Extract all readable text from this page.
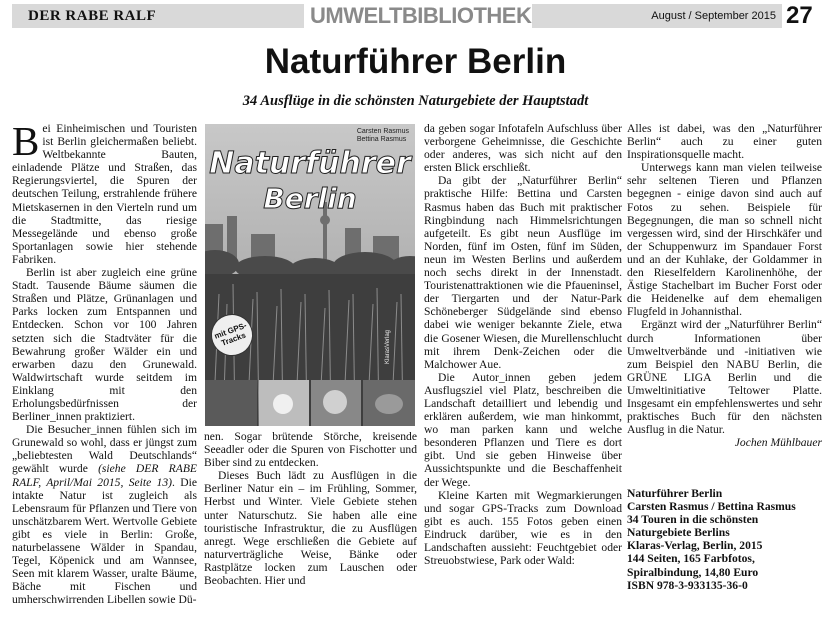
DER RABE RALF	UMWELTBIBLIOTHEK	August / September 2015 27
Naturführer Berlin
34 Ausflüge in die schönsten Naturgebiete der Hauptstadt

Bei Einheimischen und Touristen ist Berlin gleichermaßen beliebt. Weltbekannte Bauten, einladende Plätze und Straßen, das Regierungsviertel, die Spuren der deutschen Teilung, erstrahlende frühere Mietskasernen in den Vierteln rund um die Stadtmitte, das riesige Messegelände und ebenso große Sportanlagen sowie hier stehende Fabriken.

Berlin ist aber zugleich eine grüne Stadt. Tausende Bäume säumen die Straßen und Plätze, Grünanlagen und Parks locken zum Entspannen und Entdecken. Schon vor 100 Jahren setzten sich die Stadtväter für die Bewahrung großer Wälder ein und erwarben dazu den Grunewald. Waldwirtschaft wurde seitdem im Einklang mit den Erholungsbedürfnissen der Berliner_innen praktiziert.

Die Besucher_innen fühlen sich im Grunewald so wohl, dass er jüngst zum „beliebtesten Wald Deutschlands“ gewählt wurde (siehe DER RABE RALF, April/Mai 2015, Seite 13). Die intakte Natur ist zugleich als Lebensraum für Pflanzen und Tiere von unschätzbarem Wert. Wertvolle Gebiete gibt es viele in Berlin: Große, naturbelassene Wälder in Spandau, Tegel, Köpenick und am Wannsee, Seen mit klarem Wasser, uralte Bäume, Bäche mit Fischen und umherschwirrenden Libellen sowie Dü-

Carsten Rasmus
Bettina Rasmus
Naturführer
Berlin
mit GPS-Tracks	KlarasVerlag

nen. Sogar brütende Störche, kreisende Seeadler oder die Spuren von Fischotter und Biber sind zu entdecken.

Dieses Buch lädt zu Ausflügen in die Berliner Natur ein – im Frühling, Sommer, Herbst und Winter. Viele Gebiete stehen unter Naturschutz. Sie haben alle eine touristische Infrastruktur, die zu Ausflügen anregt. Wege erschließen die Gebiete auf naturverträgliche Weise, Bänke oder Rastplätze locken zum Lauschen oder Beobachten. Hier und

da geben sogar Infotafeln Aufschluss über verborgene Geheimnisse, die Geschichte oder anderes, was sich nicht auf den ersten Blick erschließt.

Da gibt der „Naturführer Berlin“ praktische Hilfe: Bettina und Carsten Rasmus haben das Buch mit praktischer Ringbindung nach Himmelsrichtungen aufgeteilt. Es gibt neun Ausflüge im Norden, fünf im Osten, fünf im Süden, neun im Westen Berlins und außerdem noch sechs direkt in der Innenstadt. Touristenattraktionen wie die Pfaueninsel, der Tiergarten und der Natur-Park Schöneberger Südgelände sind ebenso dabei wie weniger bekannte Ziele, etwa die Gosener Wiesen, die Murellenschlucht mit ihrem Denk-Zeichen oder die Malchower Aue.

Die Autor_innen geben jedem Ausflugsziel viel Platz, beschreiben die Landschaft detailliert und lebendig und erklären außerdem, wie man hinkommt, wo man parken kann und welche besonderen Pflanzen und Tiere es dort gibt. Und sie geben Hinweise über Aussichtspunkte und die Beschaffenheit der Wege.

Kleine Karten mit Wegmarkierungen und sogar GPS-Tracks zum Download gibt es auch. 155 Fotos geben einen Eindruck darüber, wie es in den Landschaften aussieht: Feuchtgebiet oder Streuobstwiese, Park oder Wald:

Alles ist dabei, was den „Naturführer Berlin“ auch zu einer guten Inspirationsquelle macht.

Unterwegs kann man vielen teilweise sehr seltenen Tieren und Pflanzen begegnen - einige davon sind auch auf Fotos zu sehen. Beispiele für Begegnungen, die man so schnell nicht vergessen wird, sind der Hirschkäfer und der Schuppenwurz im Spandauer Forst und an der Kuhlake, der Goldammer in den Rieselfeldern Karolinenhöhe, der Ästige Stachelbart im Bucher Forst oder die Heidenelke auf dem ehemaligen Flugfeld in Johannisthal.

Ergänzt wird der „Naturführer Berlin“ durch Informationen über Umweltverbände und -initiativen wie zum Beispiel den NABU Berlin, die GRÜNE LIGA Berlin und die Umweltinitiative Teltower Platte. Insgesamt ein empfehlenswertes und sehr praktisches Buch für den nächsten Ausflug in die Natur.

Jochen Mühlbauer

Naturführer Berlin
Carsten Rasmus / Bettina Rasmus
34 Touren in die schönsten Naturgebiete Berlins
Klaras-Verlag, Berlin, 2015
144 Seiten, 165 Farbfotos, Spiralbindung, 14,80 Euro
ISBN 978-3-933135-36-0
